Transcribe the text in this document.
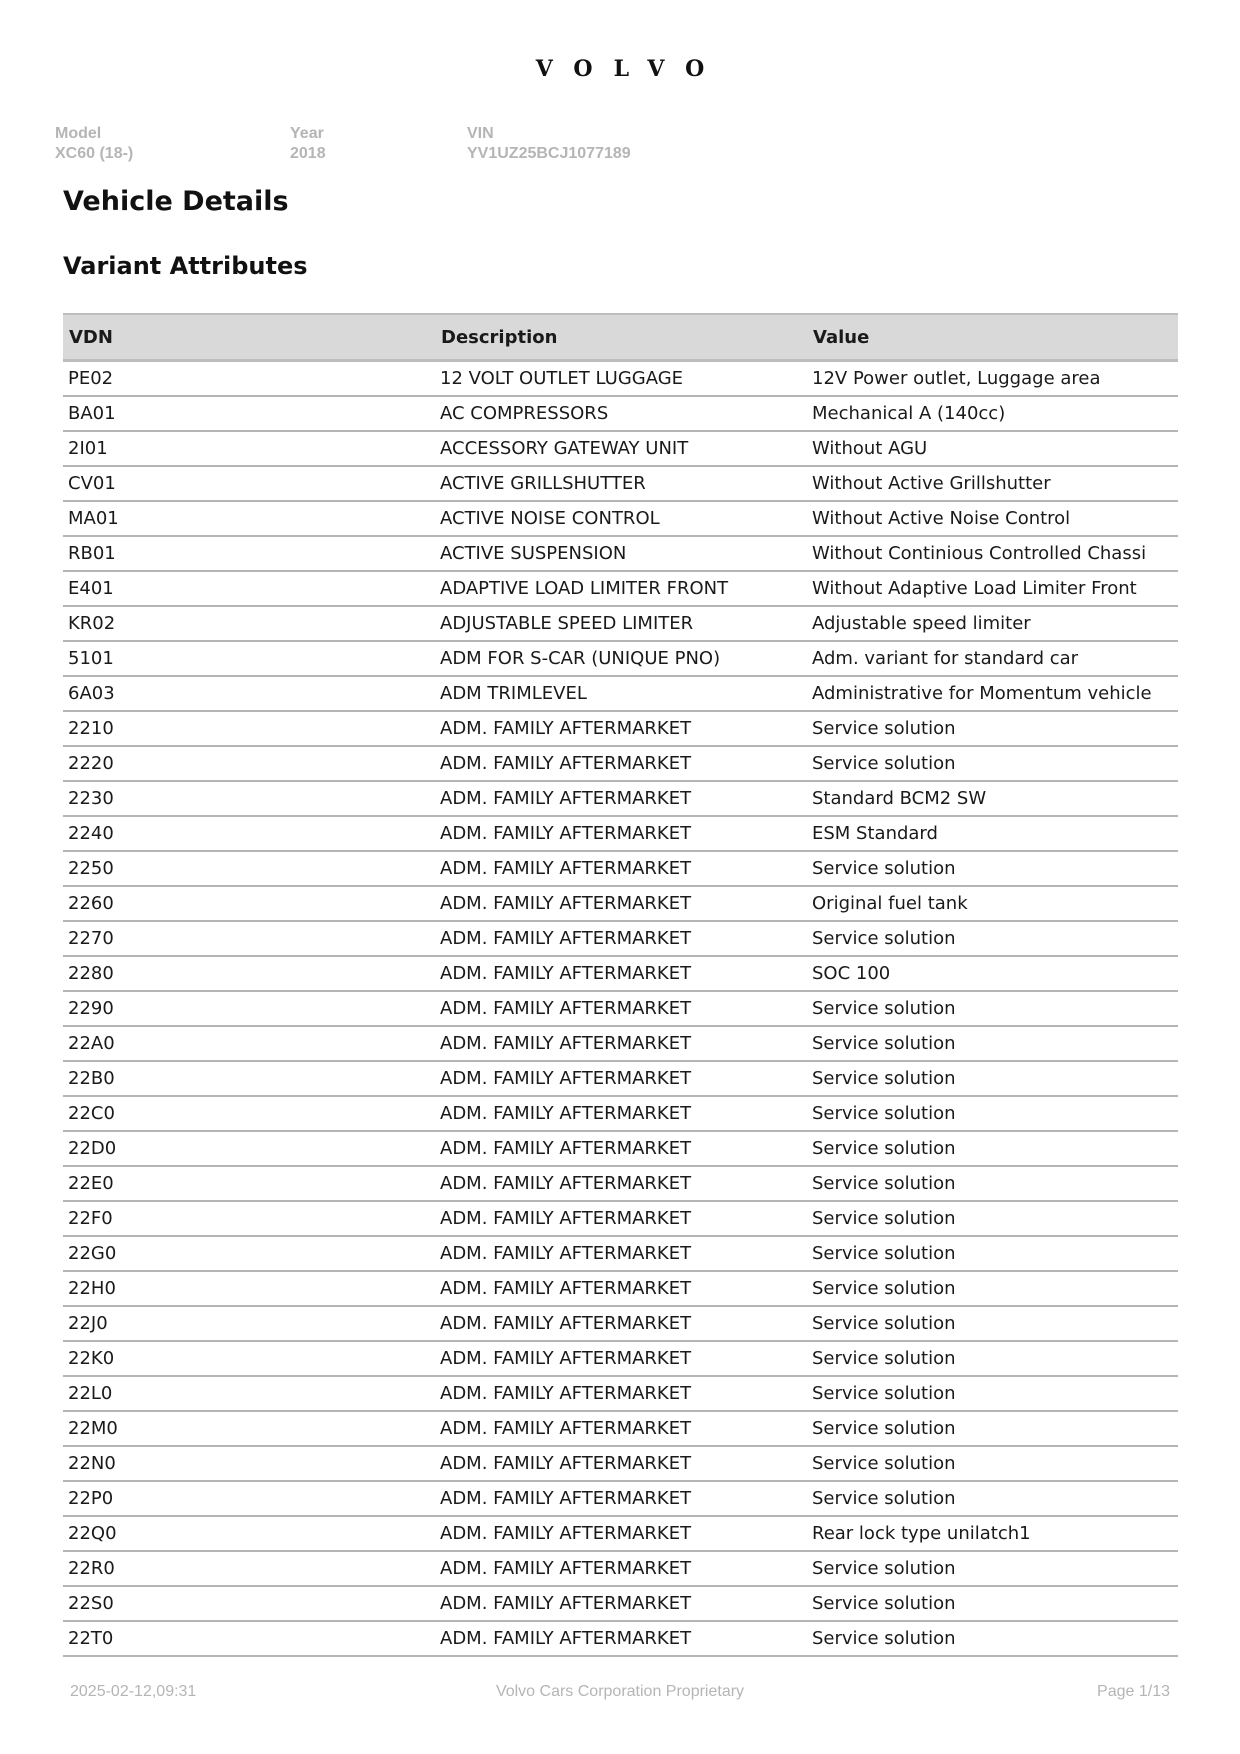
VOLVO
Model
XC60 (18-)
Year
2018
VIN
YV1UZ25BCJ1077189
Vehicle Details
Variant Attributes
VDN	Description	Value
PE02	12 VOLT OUTLET LUGGAGE	12V Power outlet, Luggage area
BA01	AC COMPRESSORS	Mechanical A (140cc)
2I01	ACCESSORY GATEWAY UNIT	Without AGU
CV01	ACTIVE GRILLSHUTTER	Without Active Grillshutter
MA01	ACTIVE NOISE CONTROL	Without Active Noise Control
RB01	ACTIVE SUSPENSION	Without Continious Controlled Chassi
E401	ADAPTIVE LOAD LIMITER FRONT	Without Adaptive Load Limiter Front
KR02	ADJUSTABLE SPEED LIMITER	Adjustable speed limiter
5101	ADM FOR S-CAR (UNIQUE PNO)	Adm. variant for standard car
6A03	ADM TRIMLEVEL	Administrative for Momentum vehicle
2210	ADM. FAMILY AFTERMARKET	Service solution
2220	ADM. FAMILY AFTERMARKET	Service solution
2230	ADM. FAMILY AFTERMARKET	Standard BCM2 SW
2240	ADM. FAMILY AFTERMARKET	ESM Standard
2250	ADM. FAMILY AFTERMARKET	Service solution
2260	ADM. FAMILY AFTERMARKET	Original fuel tank
2270	ADM. FAMILY AFTERMARKET	Service solution
2280	ADM. FAMILY AFTERMARKET	SOC 100
2290	ADM. FAMILY AFTERMARKET	Service solution
22A0	ADM. FAMILY AFTERMARKET	Service solution
22B0	ADM. FAMILY AFTERMARKET	Service solution
22C0	ADM. FAMILY AFTERMARKET	Service solution
22D0	ADM. FAMILY AFTERMARKET	Service solution
22E0	ADM. FAMILY AFTERMARKET	Service solution
22F0	ADM. FAMILY AFTERMARKET	Service solution
22G0	ADM. FAMILY AFTERMARKET	Service solution
22H0	ADM. FAMILY AFTERMARKET	Service solution
22J0	ADM. FAMILY AFTERMARKET	Service solution
22K0	ADM. FAMILY AFTERMARKET	Service solution
22L0	ADM. FAMILY AFTERMARKET	Service solution
22M0	ADM. FAMILY AFTERMARKET	Service solution
22N0	ADM. FAMILY AFTERMARKET	Service solution
22P0	ADM. FAMILY AFTERMARKET	Service solution
22Q0	ADM. FAMILY AFTERMARKET	Rear lock type unilatch1
22R0	ADM. FAMILY AFTERMARKET	Service solution
22S0	ADM. FAMILY AFTERMARKET	Service solution
22T0	ADM. FAMILY AFTERMARKET	Service solution
2025-02-12,09:31	Volvo Cars Corporation Proprietary	Page 1/13
